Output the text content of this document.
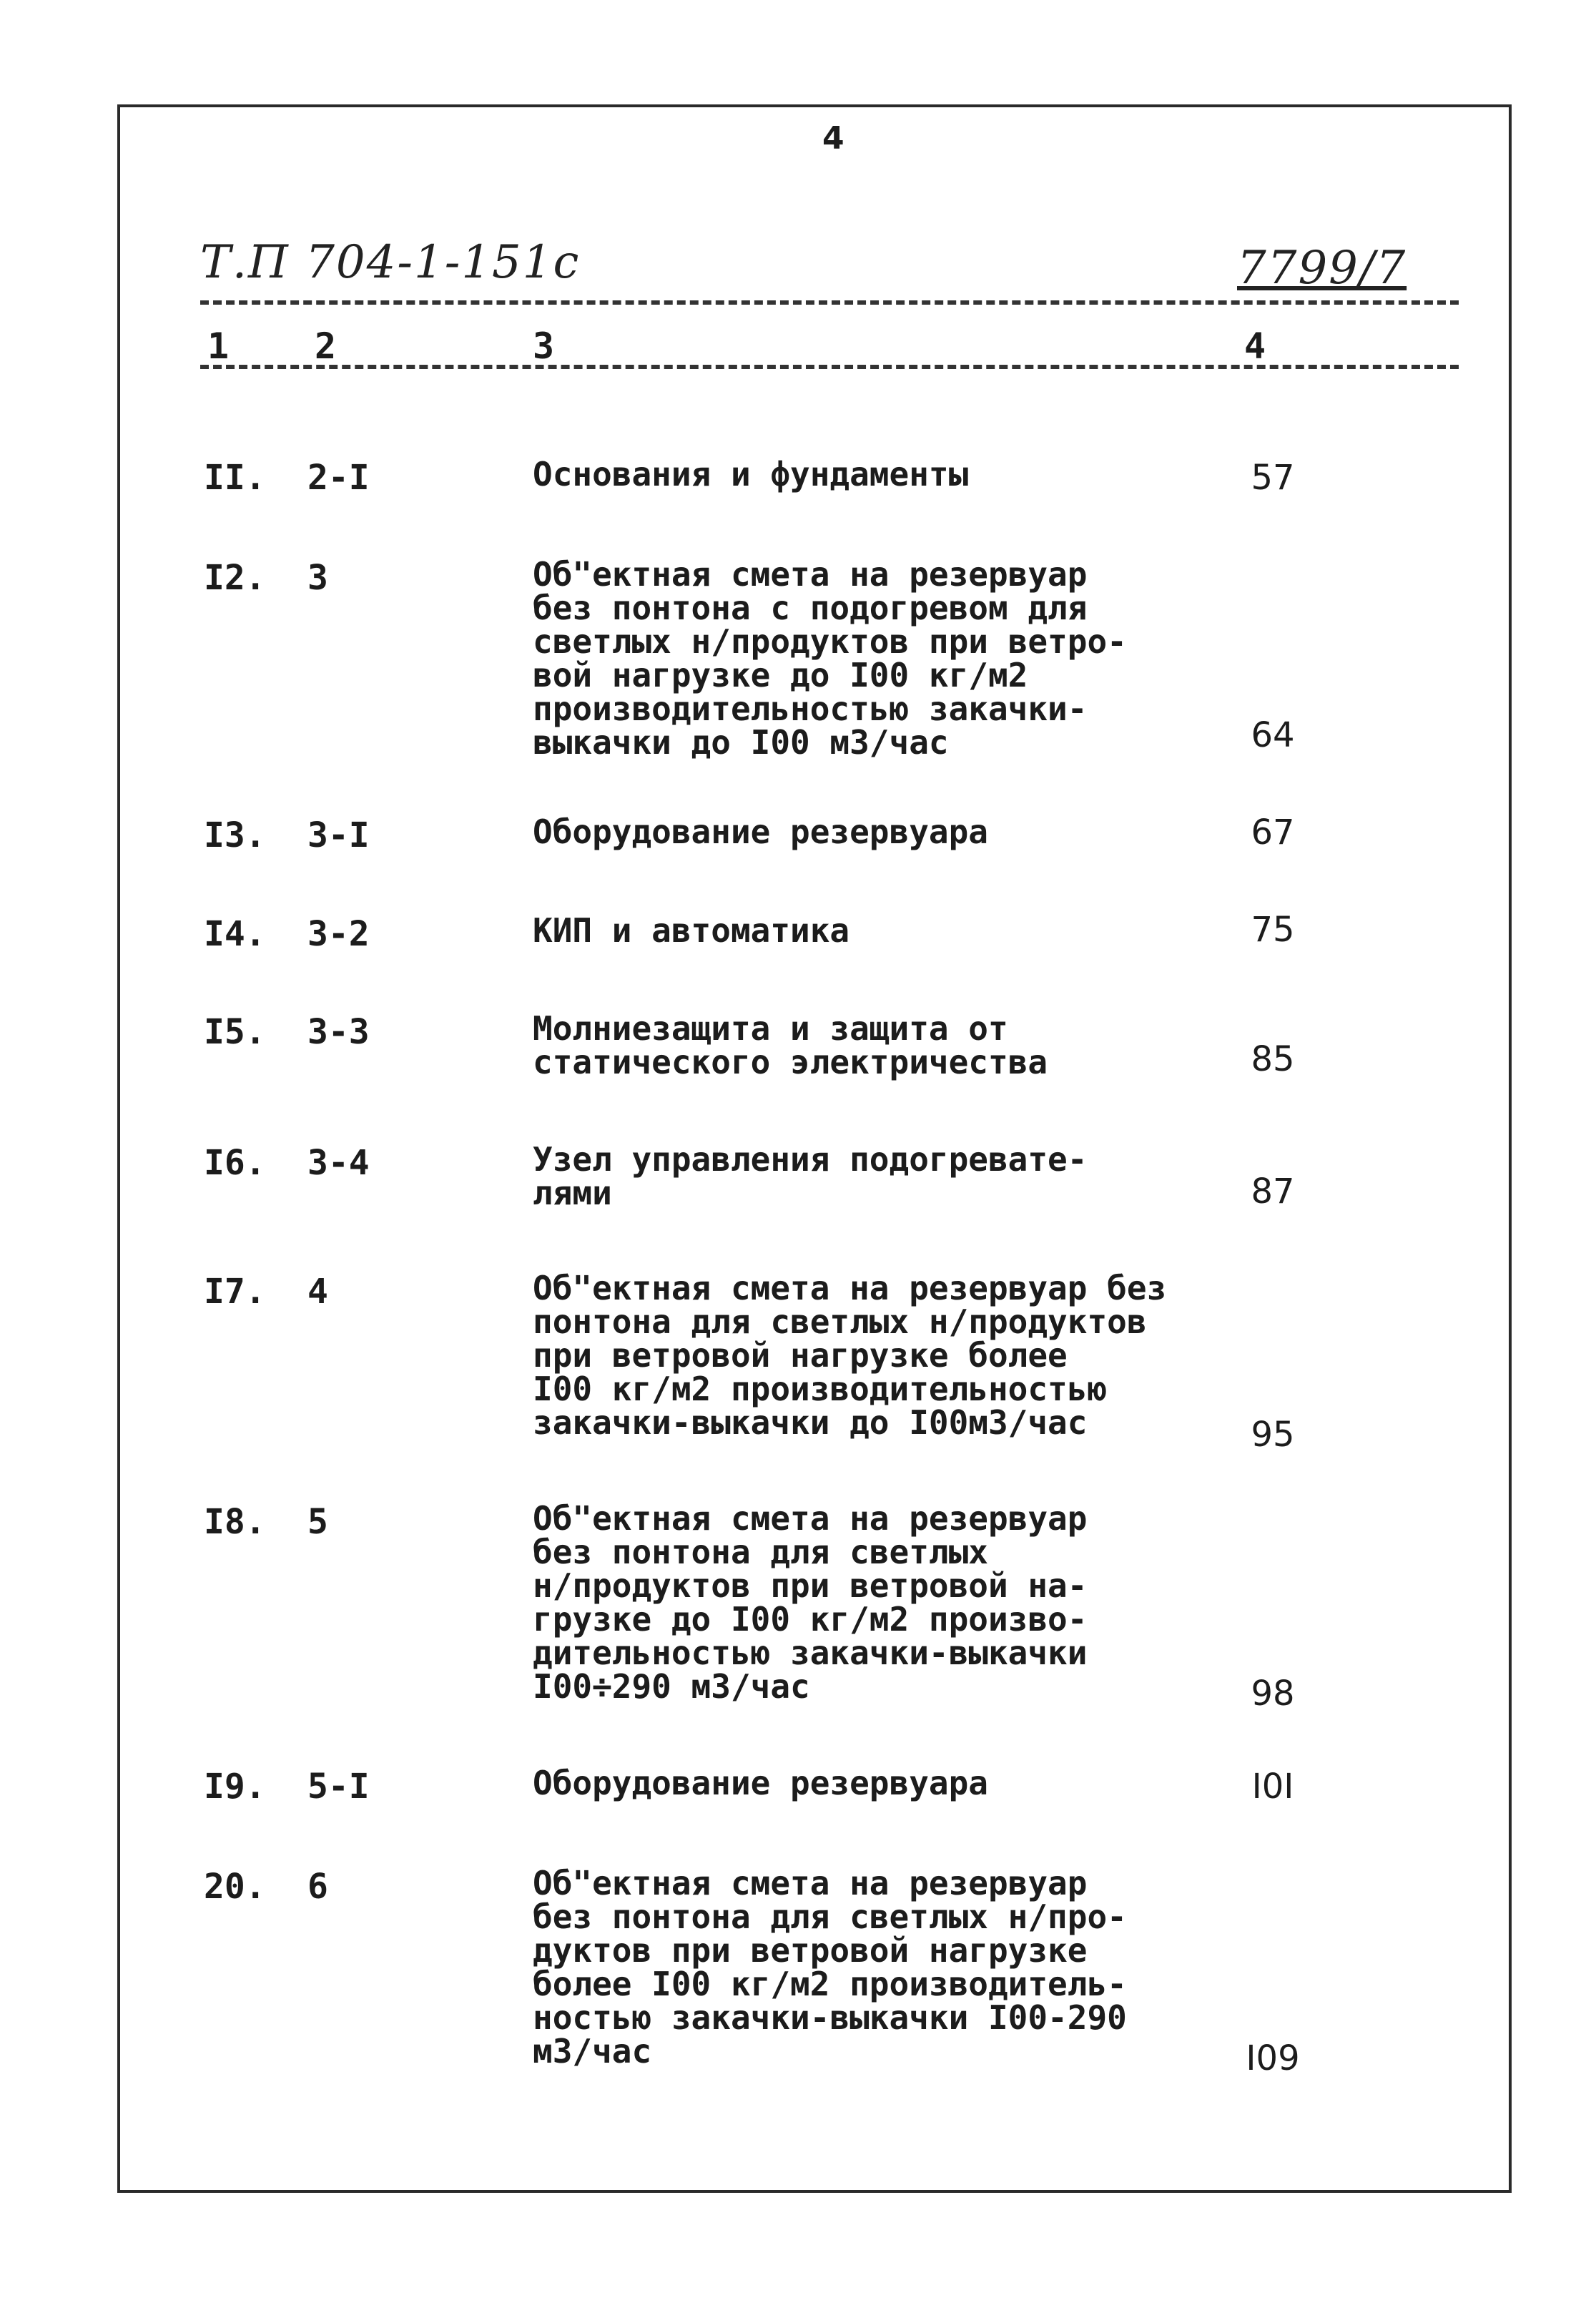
4
Т.П 704-1-151с	7799/7
1 2	3	4
II. 2-I	Основания и фундаменты	57
I2. 3	Об"ектная смета на резервуар
без понтона с подогревом для
светлых н/продуктов при ветро-
вой нагрузке до I00 кг/м2
производительностью закачки-
выкачки до I00 м3/час	64
I3. 3-I	Оборудование резервуара	67
I4. 3-2	КИП и автоматика	75
I5. 3-3	Молниезащита и защита от
статического электричества	85
I6. 3-4	Узел управления подогревате-
лями	87
I7. 4	Об"ектная смета на резервуар без
понтона для светлых н/продуктов
при ветровой нагрузке более
I00 кг/м2 производительностью
закачки-выкачки до I00м3/час	95
I8. 5	Об"ектная смета на резервуар
без понтона для светлых
н/продуктов при ветровой на-
грузке до I00 кг/м2 произво-
дительностью закачки-выкачки
I00÷290 м3/час	98
I9. 5-I	Оборудование резервуара	I0I
20. 6	Об"ектная смета на резервуар
без понтона для светлых н/про-
дуктов при ветровой нагрузке
более I00 кг/м2 производитель-
ностью закачки-выкачки I00-290
м3/час	I09
